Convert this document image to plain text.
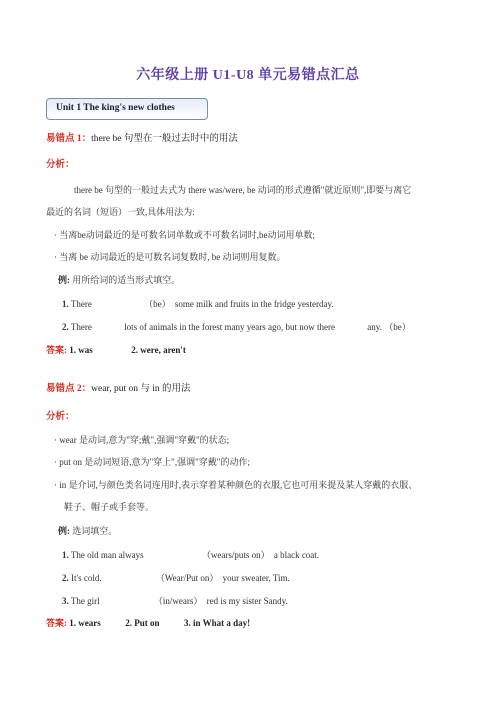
六年级上册 U1-U8 单元易错点汇总
Unit 1 The king's new clothes
易错点 1：there be 句型在一般过去时中的用法
分析：
there be 句型的一般过去式为 there was/were, be 动词的形式遵循"就近原则",即要与离它
最近的名词（短语）一致,具体用法为:
· 当离be动词最近的是可数名词单数或不可数名词时,be动词用单数;
· 当离 be 动词最近的是可数名词复数时, be 动词则用复数。
例: 用所给词的适当形式填空。
1. There	（be） some milk and fruits in the fridge yesterday.
2. There	lots of animals in the forest many years ago, but now there	any. （be）
答案: 1. was	2. were, aren't
易错点 2：wear, put on 与 in 的用法
分析：
· wear 是动词,意为"穿;戴",强调"穿戴"的状态;
· put on 是动词短语,意为"穿上",强调"穿戴"的动作;
· in 是介词,与颜色类名词连用时,表示穿着某种颜色的衣服,它也可用来提及某人穿戴的衣服、
鞋子、帽子或手套等。
例: 选词填空。
1. The old man always	（wears/puts on） a black coat.
2. It's cold.	（Wear/Put on） your sweater, Tim.
3. The girl	（in/wears） red is my sister Sandy.
答案: 1. wears	2. Put on	3. in What a day!
